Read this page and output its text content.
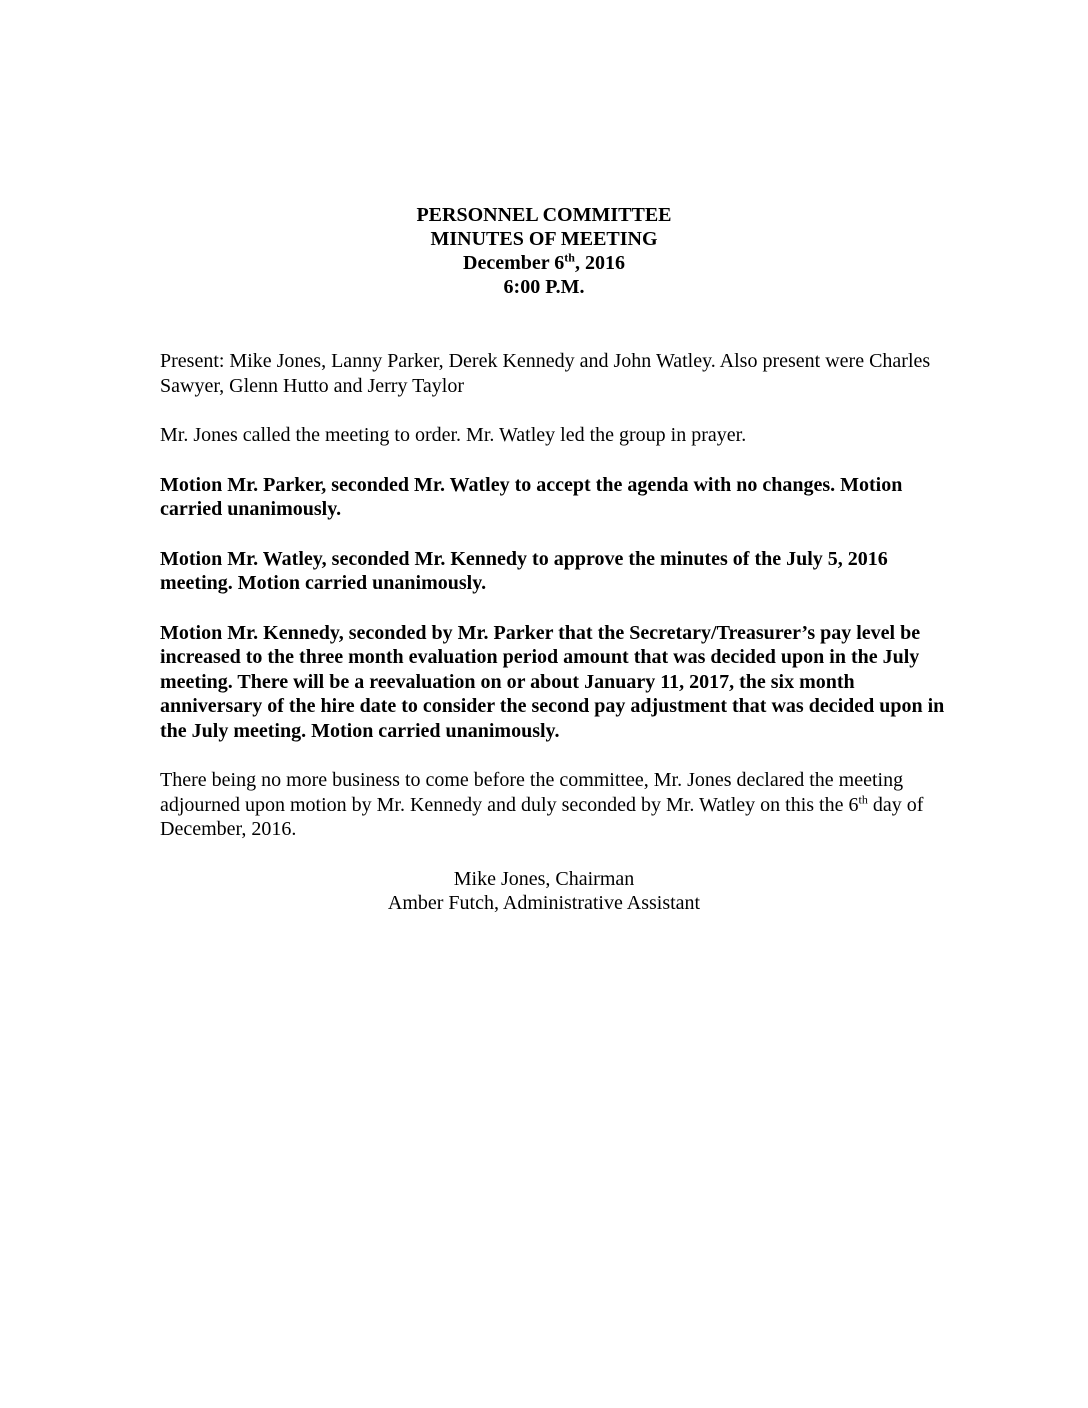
PERSONNEL COMMITTEE
MINUTES OF MEETING
December 6th, 2016
6:00 P.M.

Present: Mike Jones, Lanny Parker, Derek Kennedy and John Watley. Also present were Charles Sawyer, Glenn Hutto and Jerry Taylor

Mr. Jones called the meeting to order. Mr. Watley led the group in prayer.

Motion Mr. Parker, seconded Mr. Watley to accept the agenda with no changes. Motion carried unanimously.

Motion Mr. Watley, seconded Mr. Kennedy to approve the minutes of the July 5, 2016 meeting. Motion carried unanimously.

Motion Mr. Kennedy, seconded by Mr. Parker that the Secretary/Treasurer’s pay level be increased to the three month evaluation period amount that was decided upon in the July meeting. There will be a reevaluation on or about January 11, 2017, the six month anniversary of the hire date to consider the second pay adjustment that was decided upon in the July meeting. Motion carried unanimously.

There being no more business to come before the committee, Mr. Jones declared the meeting adjourned upon motion by Mr. Kennedy and duly seconded by Mr. Watley on this the 6th day of December, 2016.

Mike Jones, Chairman
Amber Futch, Administrative Assistant
